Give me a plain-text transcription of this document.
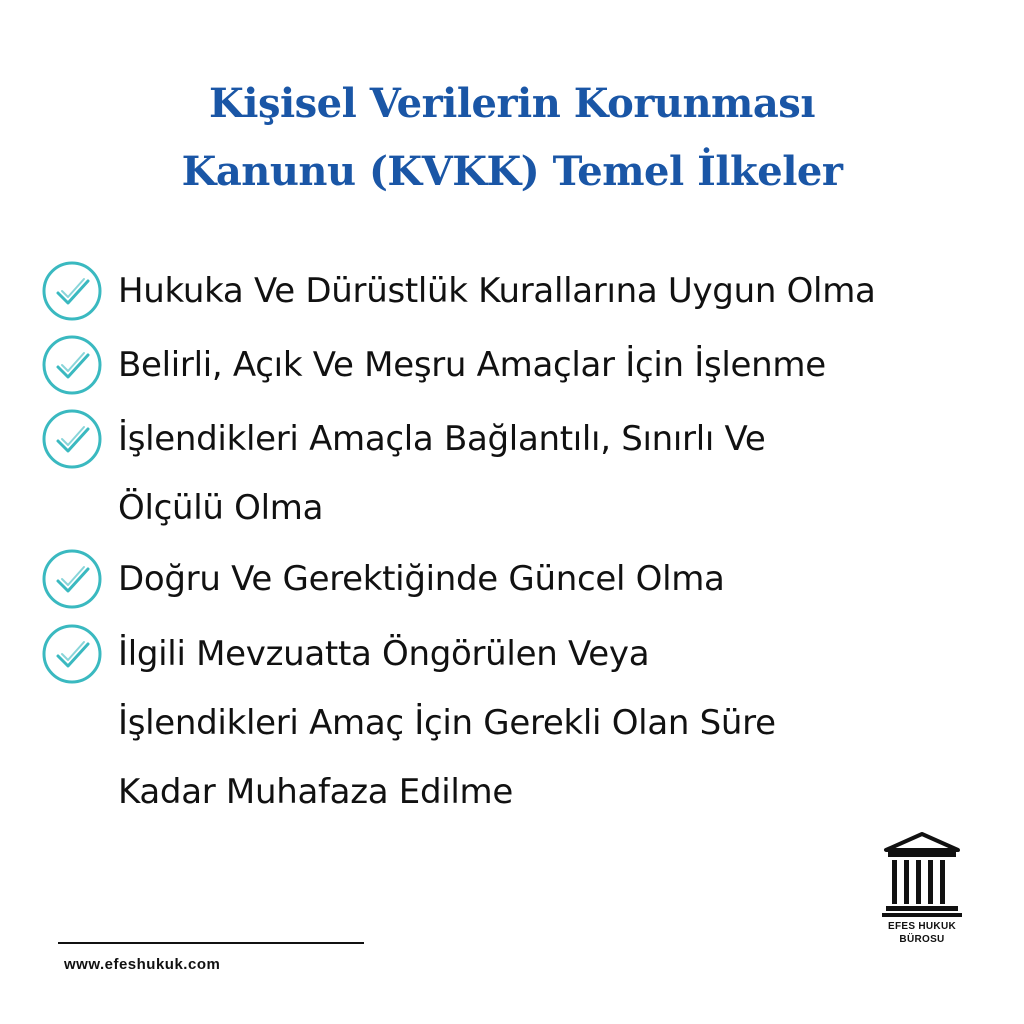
Kişisel Verilerin Korunması
Kanunu (KVKK) Temel İlkeler
Hukuka Ve Dürüstlük Kurallarına Uygun Olma
Belirli, Açık Ve Meşru Amaçlar İçin İşlenme
İşlendikleri Amaçla Bağlantılı, Sınırlı Ve
Ölçülü Olma
Doğru Ve Gerektiğinde Güncel Olma
İlgili Mevzuatta Öngörülen Veya
İşlendikleri Amaç İçin Gerekli Olan Süre
Kadar Muhafaza Edilme
EFES HUKUK
BÜROSU
www.efeshukuk.com
